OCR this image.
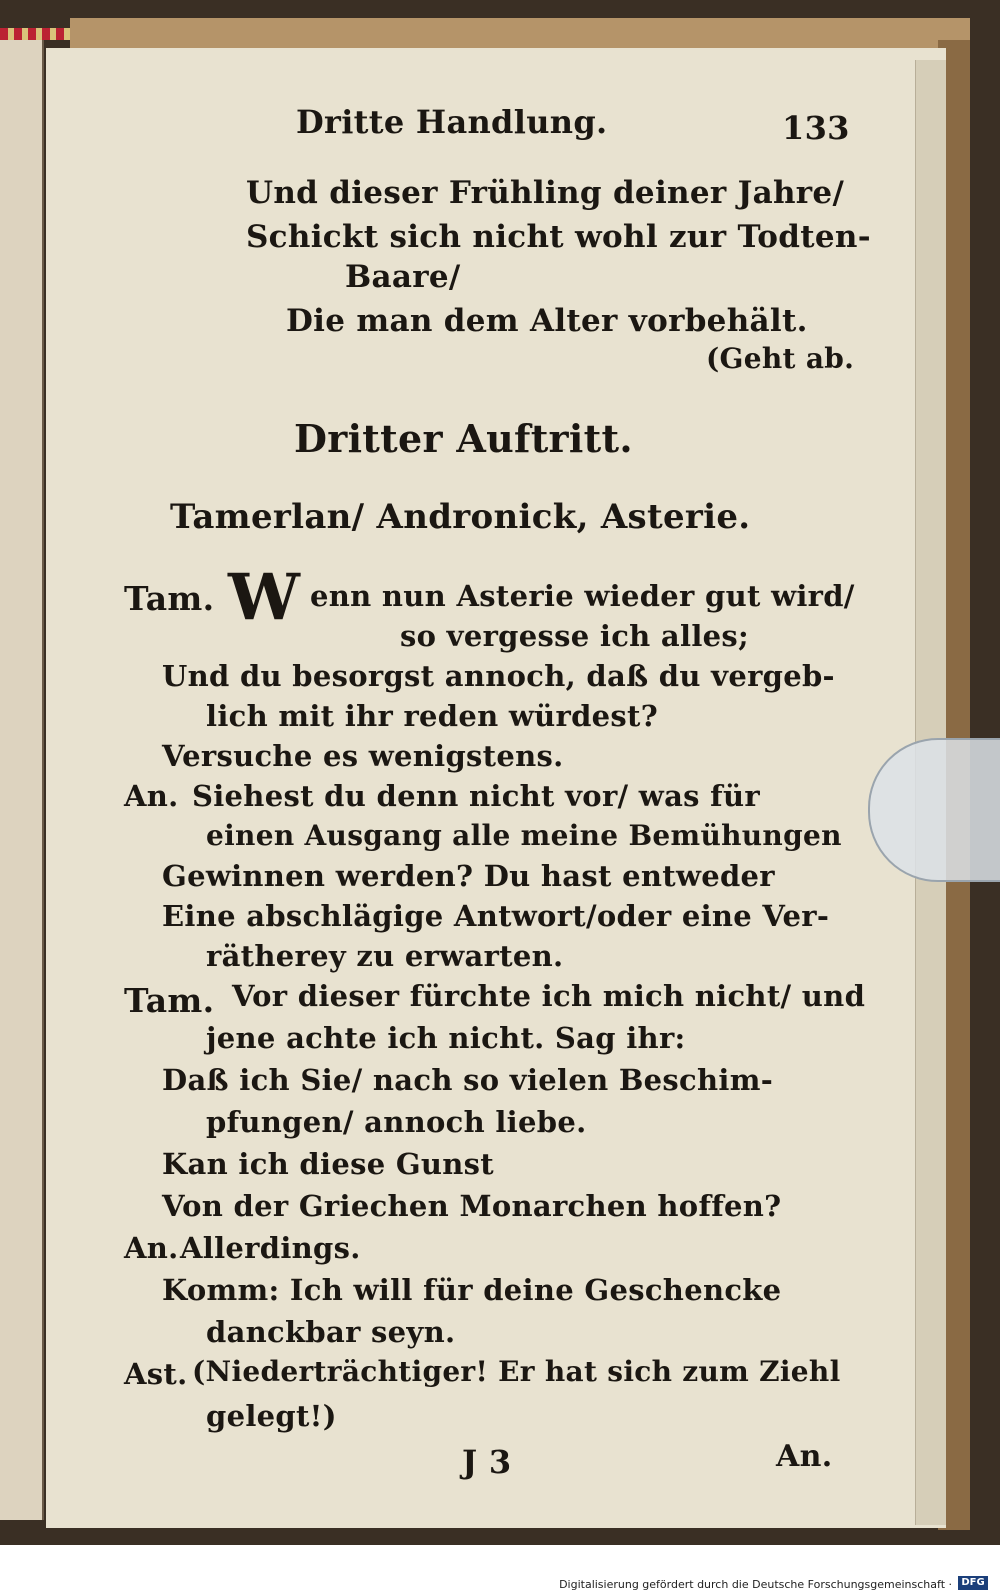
Dritte Handlung.	133
Und dieser Frühling deiner Jahre/
Schickt sich nicht wohl zur Todten-
Baare/
Die man dem Alter vorbehält.
(Geht ab.
Dritter Auftritt.
Tamerlan/ Andronick, Asterie.
Tam. W enn nun Asterie wieder gut wird/
so vergesse ich alles;
Und du besorgst annoch, daß du vergeb-
lich mit ihr reden würdest?
Versuche es wenigstens.
An. Siehest du denn nicht vor/ was für
einen Ausgang alle meine Bemühungen
Gewinnen werden? Du hast entweder
Eine abschlägige Antwort/oder eine Ver-
rätherey zu erwarten.
Tam. Vor dieser fürchte ich mich nicht/ und
jene achte ich nicht. Sag ihr:
Daß ich Sie/ nach so vielen Beschim-
pfungen/ annoch liebe.
Kan ich diese Gunst
Von der Griechen Monarchen hoffen?
An. Allerdings.
Komm: Ich will für deine Geschencke
danckbar seyn.
Ast. (Niederträchtiger! Er hat sich zum Ziehl
gelegt!)
J 3	An.
Digitalisierung gefördert durch die Deutsche Forschungsgemeinschaft · DFG
